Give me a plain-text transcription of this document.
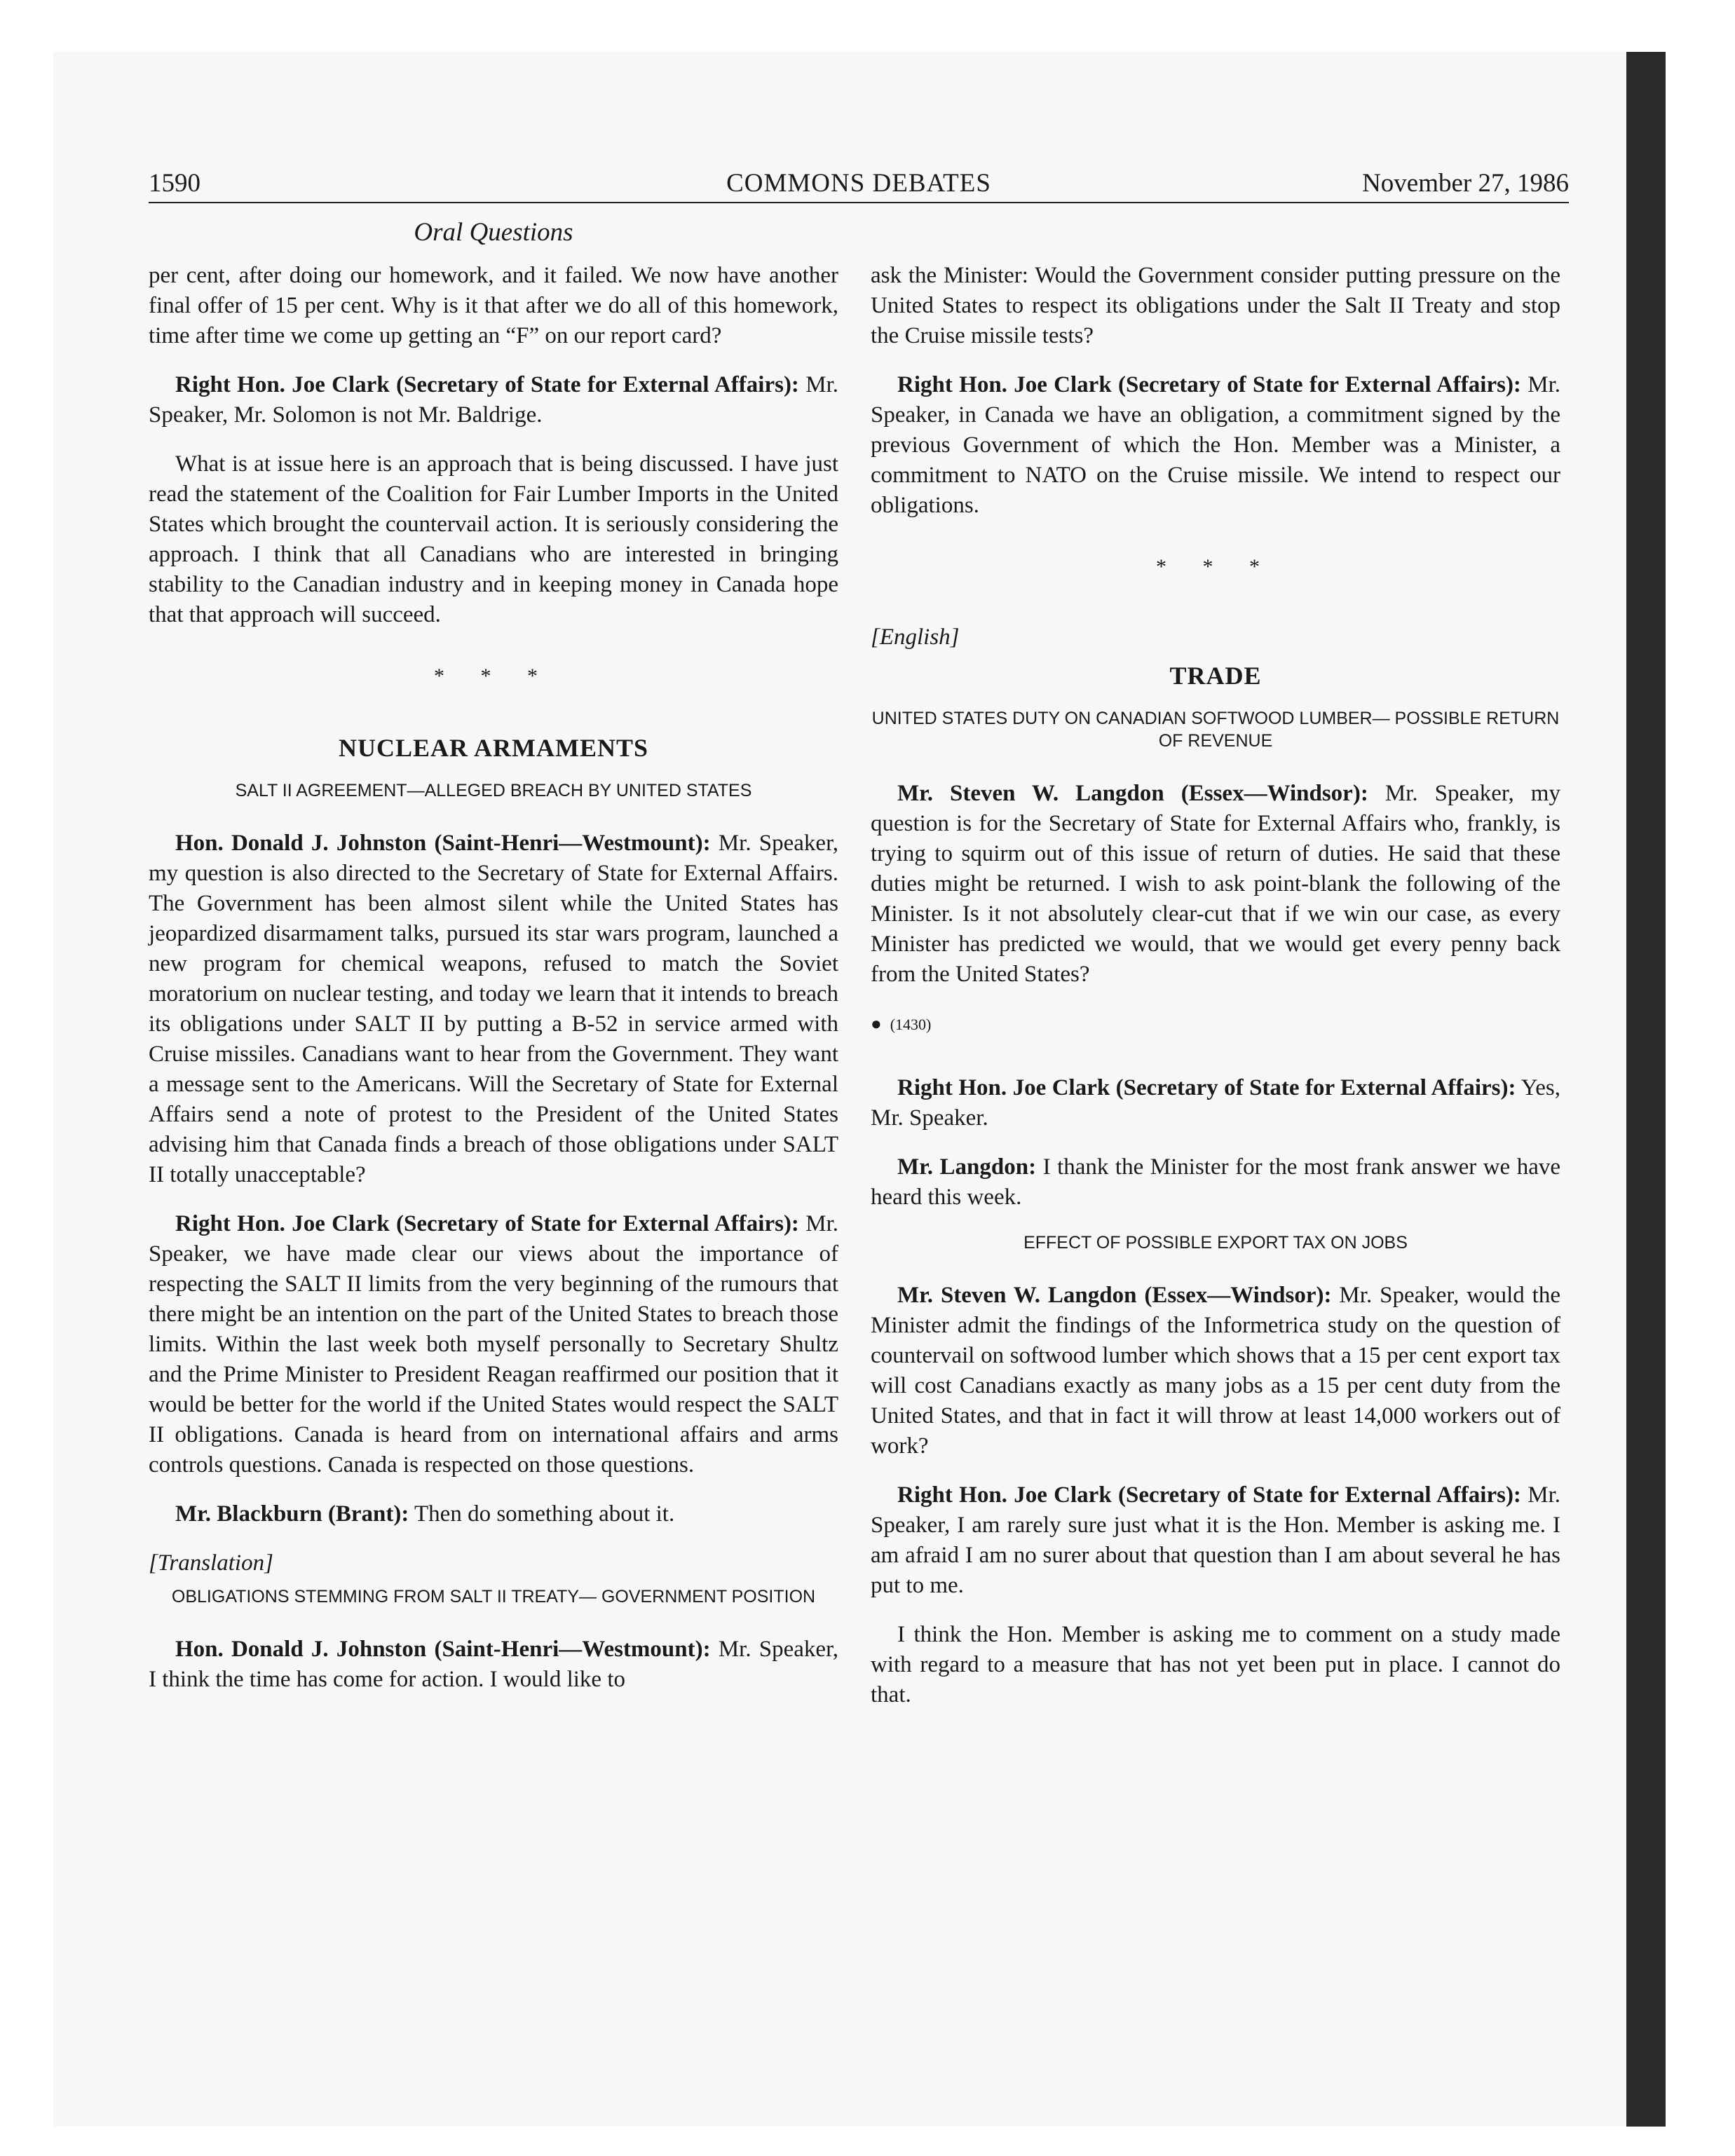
1590	COMMONS DEBATES	November 27, 1986
Oral Questions

per cent, after doing our homework, and it failed. We now have another final offer of 15 per cent. Why is it that after we do all of this homework, time after time we come up getting an “F” on our report card?

Right Hon. Joe Clark (Secretary of State for External Affairs): Mr. Speaker, Mr. Solomon is not Mr. Baldrige.

What is at issue here is an approach that is being discussed. I have just read the statement of the Coalition for Fair Lumber Imports in the United States which brought the countervail action. It is seriously considering the approach. I think that all Canadians who are interested in bringing stability to the Canadian industry and in keeping money in Canada hope that that approach will succeed.

* * *
NUCLEAR ARMAMENTS
SALT II AGREEMENT—ALLEGED BREACH BY UNITED STATES

Hon. Donald J. Johnston (Saint-Henri—Westmount): Mr. Speaker, my question is also directed to the Secretary of State for External Affairs. The Government has been almost silent while the United States has jeopardized disarmament talks, pursued its star wars program, launched a new program for chemical weapons, refused to match the Soviet moratorium on nuclear testing, and today we learn that it intends to breach its obligations under SALT II by putting a B-52 in service armed with Cruise missiles. Canadians want to hear from the Government. They want a message sent to the Americans. Will the Secretary of State for External Affairs send a note of protest to the President of the United States advising him that Canada finds a breach of those obligations under SALT II totally unacceptable?

Right Hon. Joe Clark (Secretary of State for External Affairs): Mr. Speaker, we have made clear our views about the importance of respecting the SALT II limits from the very beginning of the rumours that there might be an intention on the part of the United States to breach those limits. Within the last week both myself personally to Secretary Shultz and the Prime Minister to President Reagan reaffirmed our position that it would be better for the world if the United States would respect the SALT II obligations. Canada is heard from on international affairs and arms controls questions. Canada is respected on those questions.

Mr. Blackburn (Brant): Then do something about it.

[Translation]
OBLIGATIONS STEMMING FROM SALT II TREATY— GOVERNMENT POSITION

Hon. Donald J. Johnston (Saint-Henri—Westmount): Mr. Speaker, I think the time has come for action. I would like to

ask the Minister: Would the Government consider putting pressure on the United States to respect its obligations under the Salt II Treaty and stop the Cruise missile tests?

Right Hon. Joe Clark (Secretary of State for External Affairs): Mr. Speaker, in Canada we have an obligation, a commitment signed by the previous Government of which the Hon. Member was a Minister, a commitment to NATO on the Cruise missile. We intend to respect our obligations.

* * *
[English]
TRADE
UNITED STATES DUTY ON CANADIAN SOFTWOOD LUMBER— POSSIBLE RETURN OF REVENUE

Mr. Steven W. Langdon (Essex—Windsor): Mr. Speaker, my question is for the Secretary of State for External Affairs who, frankly, is trying to squirm out of this issue of return of duties. He said that these duties might be returned. I wish to ask point-blank the following of the Minister. Is it not absolutely clear-cut that if we win our case, as every Minister has predicted we would, that we would get every penny back from the United States?

● (1430)

Right Hon. Joe Clark (Secretary of State for External Affairs): Yes, Mr. Speaker.

Mr. Langdon: I thank the Minister for the most frank answer we have heard this week.

EFFECT OF POSSIBLE EXPORT TAX ON JOBS

Mr. Steven W. Langdon (Essex—Windsor): Mr. Speaker, would the Minister admit the findings of the Informetrica study on the question of countervail on softwood lumber which shows that a 15 per cent export tax will cost Canadians exactly as many jobs as a 15 per cent duty from the United States, and that in fact it will throw at least 14,000 workers out of work?

Right Hon. Joe Clark (Secretary of State for External Affairs): Mr. Speaker, I am rarely sure just what it is the Hon. Member is asking me. I am afraid I am no surer about that question than I am about several he has put to me.

I think the Hon. Member is asking me to comment on a study made with regard to a measure that has not yet been put in place. I cannot do that.
